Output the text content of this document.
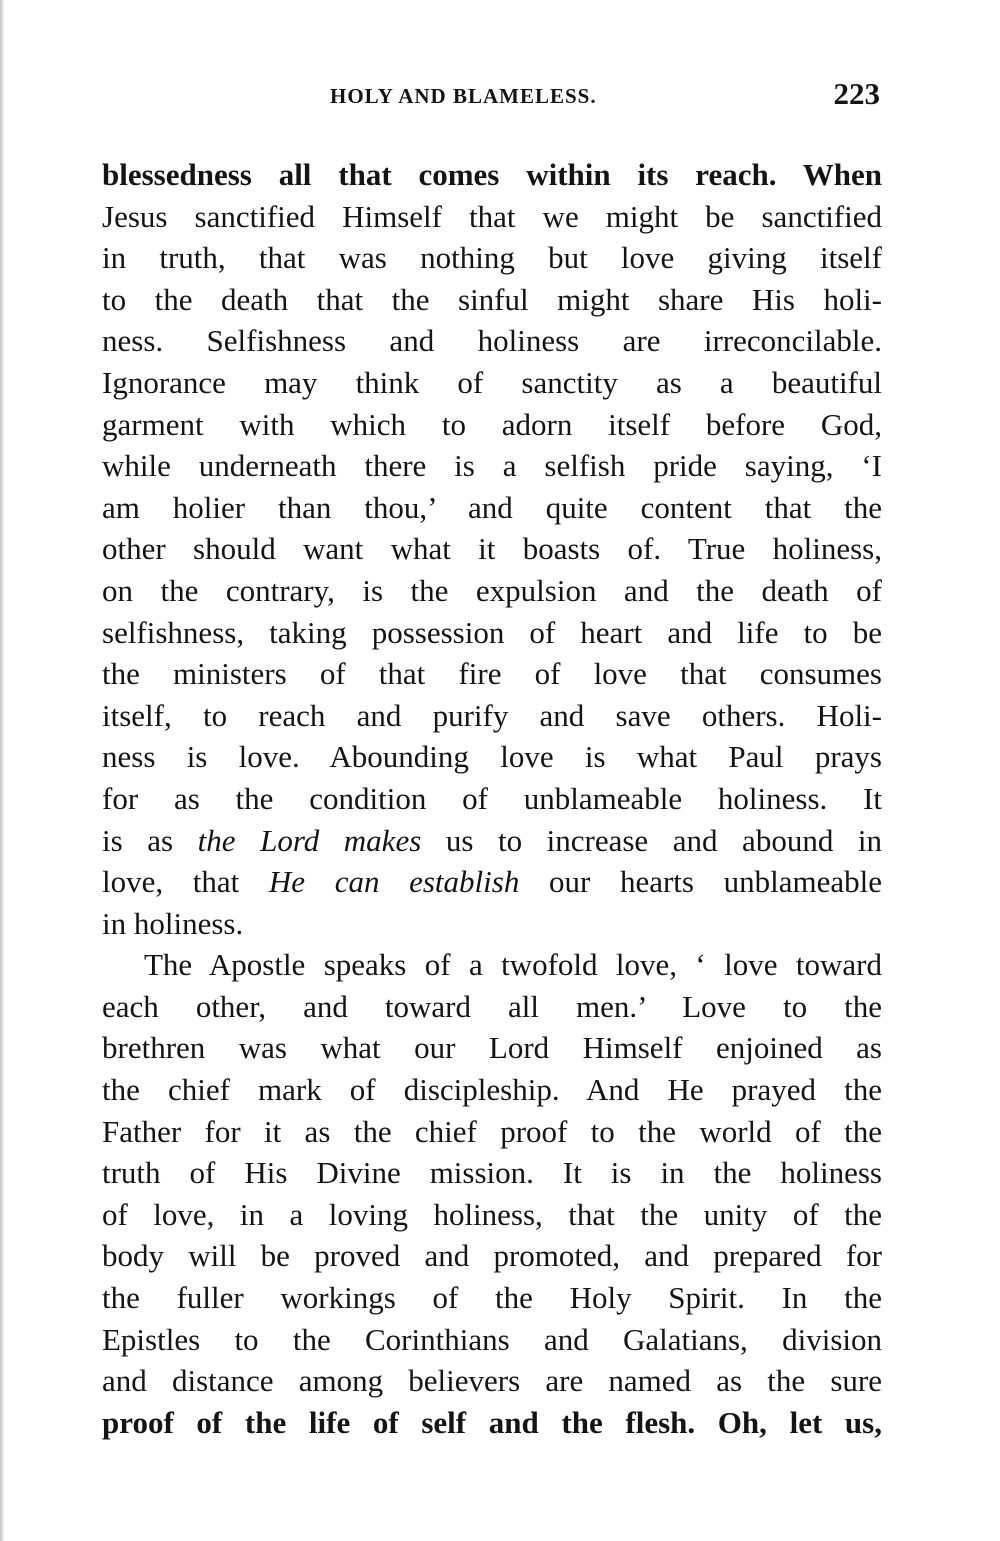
HOLY AND BLAMELESS.	223
blessedness all that comes within its reach. When
Jesus sanctified Himself that we might be sanctified
in truth, that was nothing but love giving itself
to the death that the sinful might share His holi-
ness. Selfishness and holiness are irreconcilable.
Ignorance may think of sanctity as a beautiful
garment with which to adorn itself before God,
while underneath there is a selfish pride saying, ‘I
am holier than thou,’ and quite content that the
other should want what it boasts of. True holiness,
on the contrary, is the expulsion and the death of
selfishness, taking possession of heart and life to be
the ministers of that fire of love that consumes
itself, to reach and purify and save others. Holi-
ness is love. Abounding love is what Paul prays
for as the condition of unblameable holiness. It
is as the Lord makes us to increase and abound in
love, that He can establish our hearts unblameable
in holiness.
The Apostle speaks of a twofold love, ‘ love toward
each other, and toward all men.’ Love to the
brethren was what our Lord Himself enjoined as
the chief mark of discipleship. And He prayed the
Father for it as the chief proof to the world of the
truth of His Divine mission. It is in the holiness
of love, in a loving holiness, that the unity of the
body will be proved and promoted, and prepared for
the fuller workings of the Holy Spirit. In the
Epistles to the Corinthians and Galatians, division
and distance among believers are named as the sure
proof of the life of self and the flesh. Oh, let us,
